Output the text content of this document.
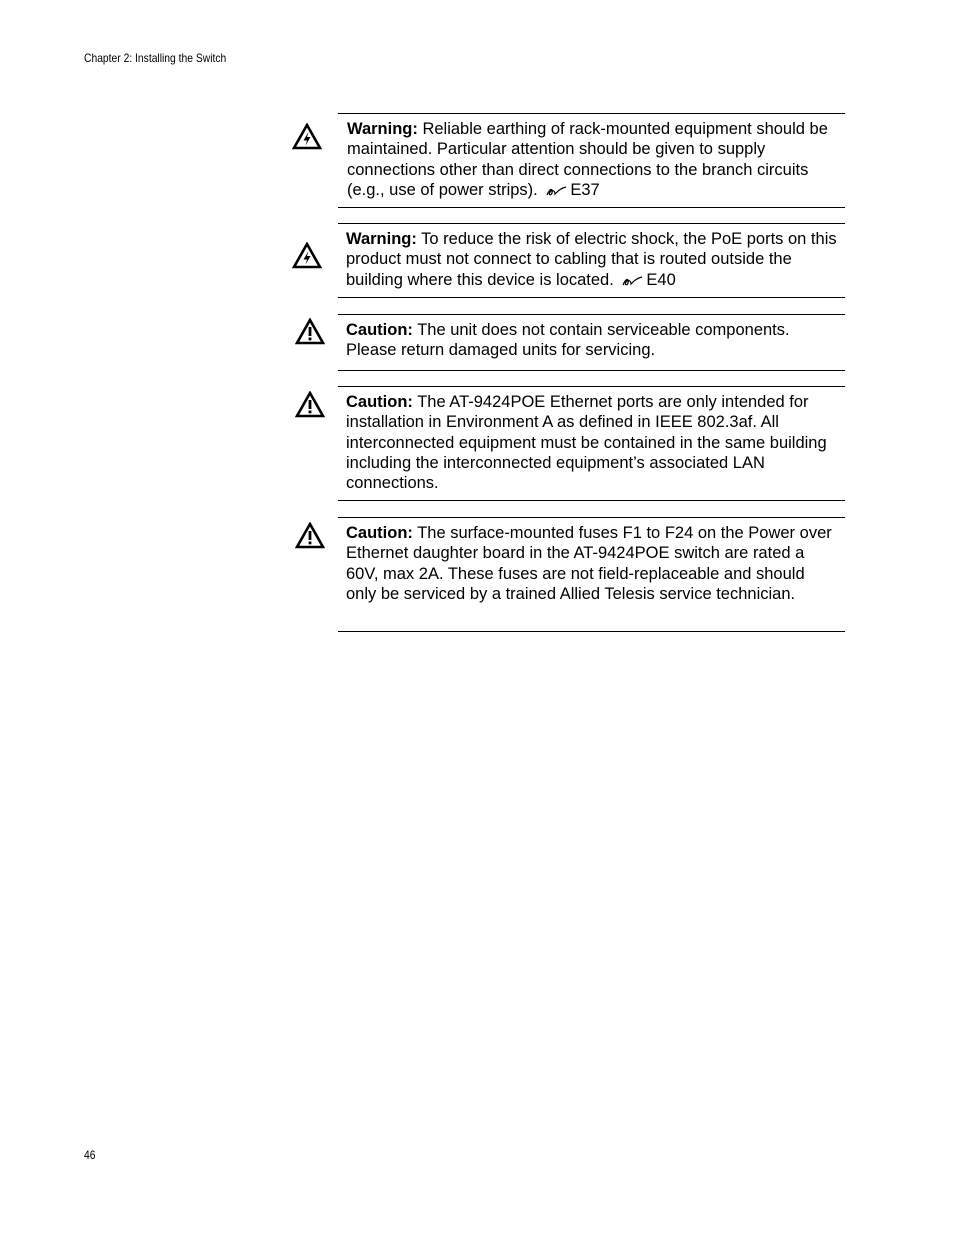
Chapter 2: Installing the Switch

Warning: Reliable earthing of rack-mounted equipment should be maintained. Particular attention should be given to supply connections other than direct connections to the branch circuits (e.g., use of power strips). E37

Warning: To reduce the risk of electric shock, the PoE ports on this product must not connect to cabling that is routed outside the building where this device is located. E40

Caution: The unit does not contain serviceable components. Please return damaged units for servicing.

Caution: The AT-9424POE Ethernet ports are only intended for installation in Environment A as defined in IEEE 802.3af. All interconnected equipment must be contained in the same building including the interconnected equipment’s associated LAN connections.

Caution: The surface-mounted fuses F1 to F24 on the Power over Ethernet daughter board in the AT-9424POE switch are rated a 60V, max 2A. These fuses are not field-replaceable and should only be serviced by a trained Allied Telesis service technician.

46
